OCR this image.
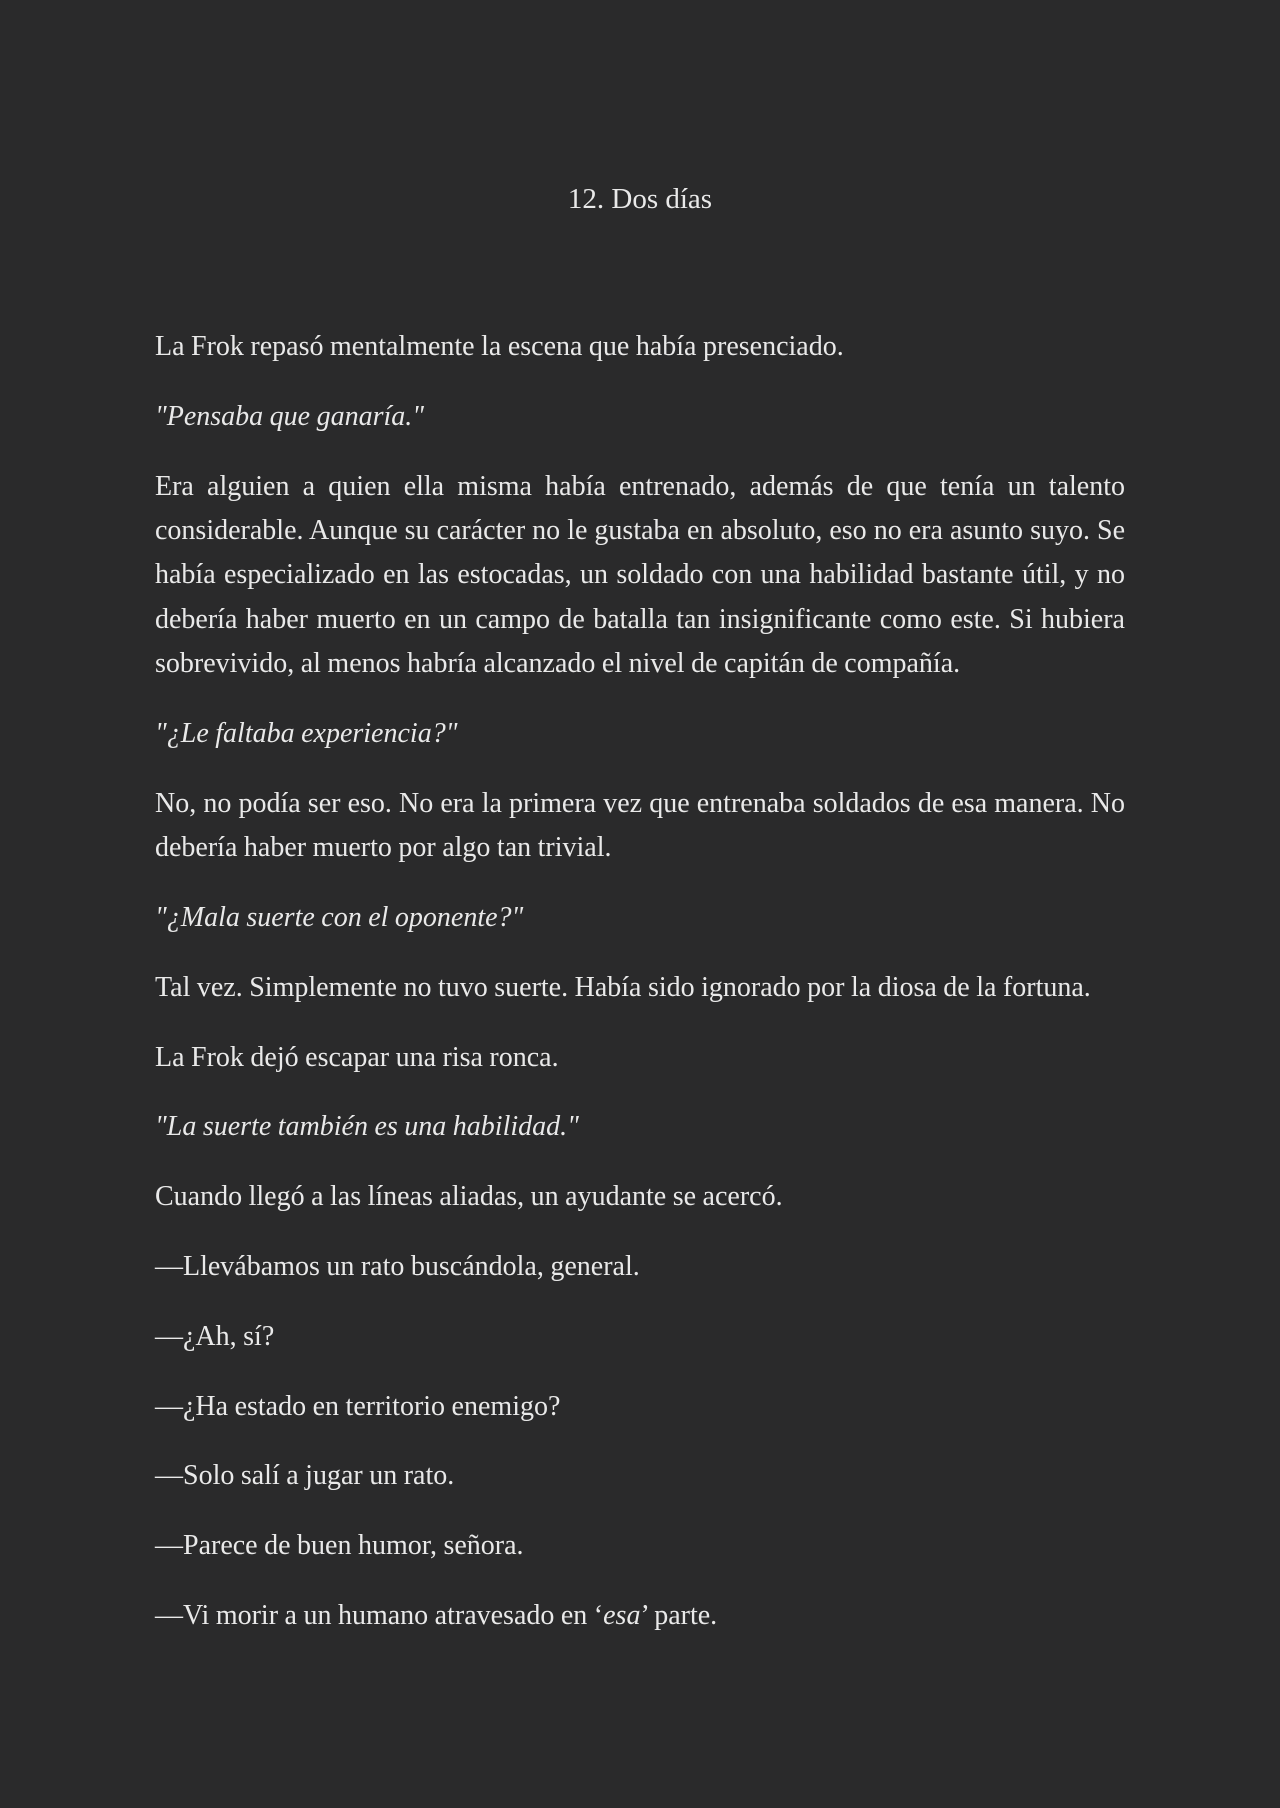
12. Dos días

La Frok repasó mentalmente la escena que había presenciado.

"Pensaba que ganaría."

Era alguien a quien ella misma había entrenado, además de que tenía un talento considerable. Aunque su carácter no le gustaba en absoluto, eso no era asunto suyo. Se había especializado en las estocadas, un soldado con una habilidad bastante útil, y no debería haber muerto en un campo de batalla tan insignificante como este. Si hubiera sobrevivido, al menos habría alcanzado el nivel de capitán de compañía.

"¿Le faltaba experiencia?"

No, no podía ser eso. No era la primera vez que entrenaba soldados de esa manera. No debería haber muerto por algo tan trivial.

"¿Mala suerte con el oponente?"

Tal vez. Simplemente no tuvo suerte. Había sido ignorado por la diosa de la fortuna.

La Frok dejó escapar una risa ronca.

"La suerte también es una habilidad."

Cuando llegó a las líneas aliadas, un ayudante se acercó.

—Llevábamos un rato buscándola, general.

—¿Ah, sí?

—¿Ha estado en territorio enemigo?

—Solo salí a jugar un rato.

—Parece de buen humor, señora.

—Vi morir a un humano atravesado en ‘esa’ parte.
